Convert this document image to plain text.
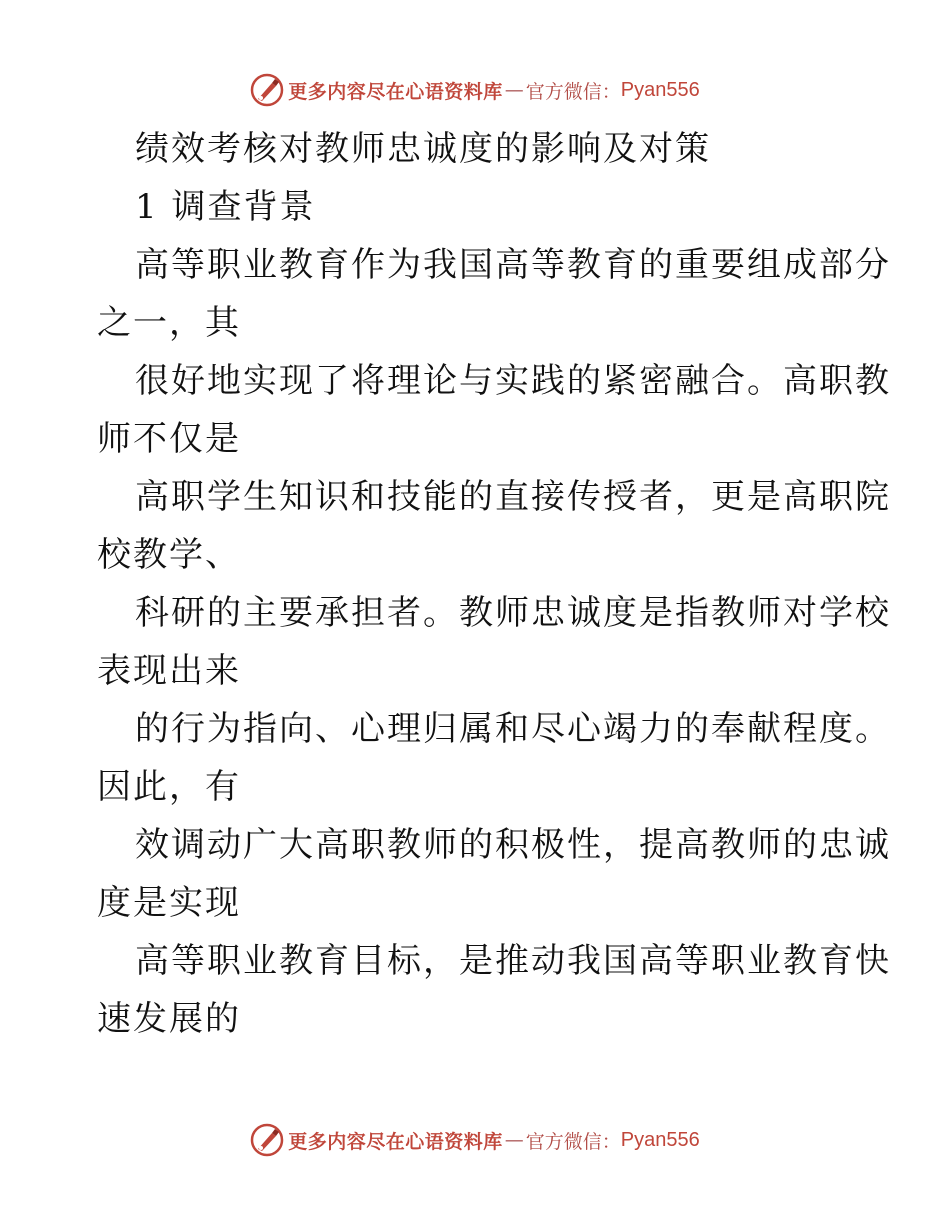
更多内容尽在心语资料库 — 官方微信： Pyan556
绩效考核对教师忠诚度的影响及对策
1 调查背景
高等职业教育作为我国高等教育的重要组成部分
之一，其
很好地实现了将理论与实践的紧密融合。高职教
师不仅是
高职学生知识和技能的直接传授者，更是高职院
校教学、
科研的主要承担者。教师忠诚度是指教师对学校
表现出来
的行为指向、心理归属和尽心竭力的奉献程度。
因此，有
效调动广大高职教师的积极性，提高教师的忠诚
度是实现
高等职业教育目标，是推动我国高等职业教育快
速发展的
更多内容尽在心语资料库 — 官方微信： Pyan556
